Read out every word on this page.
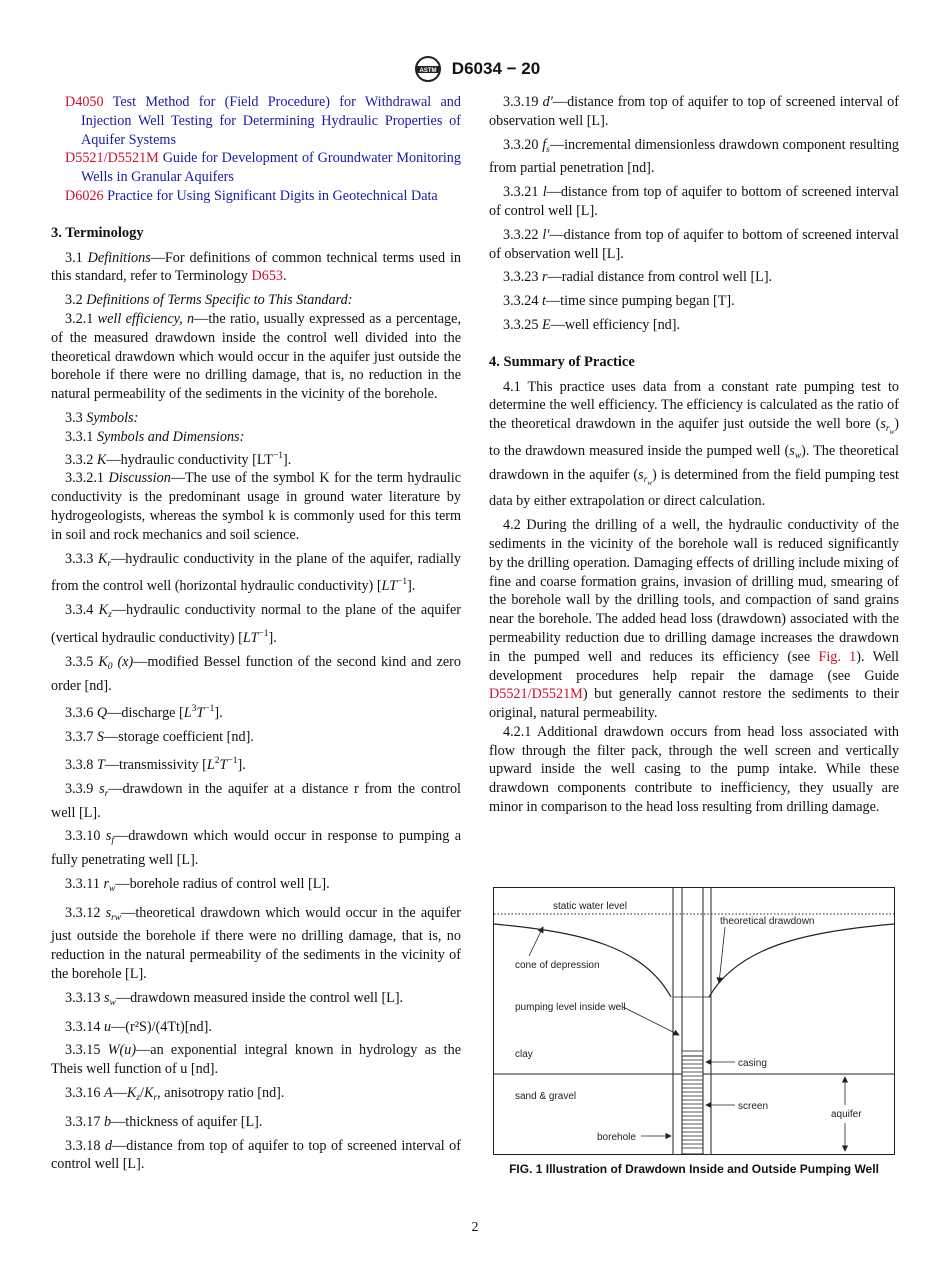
ASTM D6034 − 20

D4050 Test Method for (Field Procedure) for Withdrawal and Injection Well Testing for Determining Hydraulic Properties of Aquifer Systems

D5521/D5521M Guide for Development of Groundwater Monitoring Wells in Granular Aquifers

D6026 Practice for Using Significant Digits in Geotechnical Data

3. Terminology

3.1 Definitions—For definitions of common technical terms used in this standard, refer to Terminology D653.

3.2 Definitions of Terms Specific to This Standard:

3.2.1 well efficiency, n—the ratio, usually expressed as a percentage, of the measured drawdown inside the control well divided into the theoretical drawdown which would occur in the aquifer just outside the borehole if there were no drilling damage, that is, no reduction in the natural permeability of the sediments in the vicinity of the borehole.

3.3 Symbols:

3.3.1 Symbols and Dimensions:

3.3.2 K—hydraulic conductivity $[LT^{-1}]$.

3.3.2.1 Discussion—The use of the symbol K for the term hydraulic conductivity is the predominant usage in ground water literature by hydrogeologists, whereas the symbol k is commonly used for this term in soil and rock mechanics and soil science.

3.3.3 $K_r—hydraulic$ conductivity in the plane of the aquifer, radially from the control well (horizontal hydraulic conductivity) $[LT^{-1}]$.

3.3.4 $K_z—hydraulic$ conductivity normal to the plane of the aquifer (vertical hydraulic conductivity) $[LT^{-1}]$.

3.3.5 $K_0$ (x)—modified Bessel function of the second kind and zero order [nd].

3.3.6 Q—discharge $[L^3T^{-1}]$.

3.3.7 S—storage coefficient [nd].

3.3.8 T—transmissivity $[L^2T^{-1}]$.

3.3.9 $s_r—drawdown$ in the aquifer at a distance r from the control well [L].

3.3.10 $s_f—drawdown$ which would occur in response to pumping a fully penetrating well [L].

3.3.11 $r_w—borehole$ radius of control well [L].

3.3.12 $s_{rw}—theoretical$ drawdown which would occur in the aquifer just outside the borehole if there were no drilling damage, that is, no reduction in the natural permeability of the sediments in the vicinity of the borehole [L].

3.3.13 $s_w—drawdown$ measured inside the control well [L].

3.3.14 u—(r²S)/(4Tt)[nd].

3.3.15 W(u)—an exponential integral known in hydrology as the Theis well function of u [nd].

3.3.16 $A—K_z/K_r$, anisotropy ratio [nd].

3.3.17 b—thickness of aquifer [L].

3.3.18 d—distance from top of aquifer to top of screened interval of control well [L].

3.3.19 d′—distance from top of aquifer to top of screened interval of observation well [L].

3.3.20 $f_s—incremental$ dimensionless drawdown component resulting from partial penetration [nd].

3.3.21 l—distance from top of aquifer to bottom of screened interval of control well [L].

3.3.22 l′—distance from top of aquifer to bottom of screened interval of observation well [L].

3.3.23 r—radial distance from control well [L].

3.3.24 t—time since pumping began [T].

3.3.25 E—well efficiency [nd].

4. Summary of Practice

4.1 This practice uses data from a constant rate pumping test to determine the well efficiency. The efficiency is calculated as the ratio of the theoretical drawdown in the aquifer just outside the well bore $(s_{r_w})$ to the drawdown measured inside the pumped well $(s_w)$. The theoretical drawdown in the aquifer $(s_{r_w})$ is determined from the field pumping test data by either extrapolation or direct calculation.

4.2 During the drilling of a well, the hydraulic conductivity of the sediments in the vicinity of the borehole wall is reduced significantly by the drilling operation. Damaging effects of drilling include mixing of fine and coarse formation grains, invasion of drilling mud, smearing of the borehole wall by the drilling tools, and compaction of sand grains near the borehole. The added head loss (drawdown) associated with the permeability reduction due to drilling damage increases the drawdown in the pumped well and reduces its efficiency (see Fig. 1). Well development procedures help repair the damage (see Guide D5521/D5521M) but generally cannot restore the sediments to their original, natural permeability.

4.2.1 Additional drawdown occurs from head loss associated with flow through the filter pack, through the well screen and vertically upward inside the well casing to the pump intake. While these drawdown components contribute to inefficiency, they usually are minor in comparison to the head loss resulting from drilling damage.

static water level
theoretical drawdown
cone of depression
pumping level inside well
clay
casing
sand & gravel
screen
aquifer
borehole
FIG. 1 Illustration of Drawdown Inside and Outside Pumping Well
2
